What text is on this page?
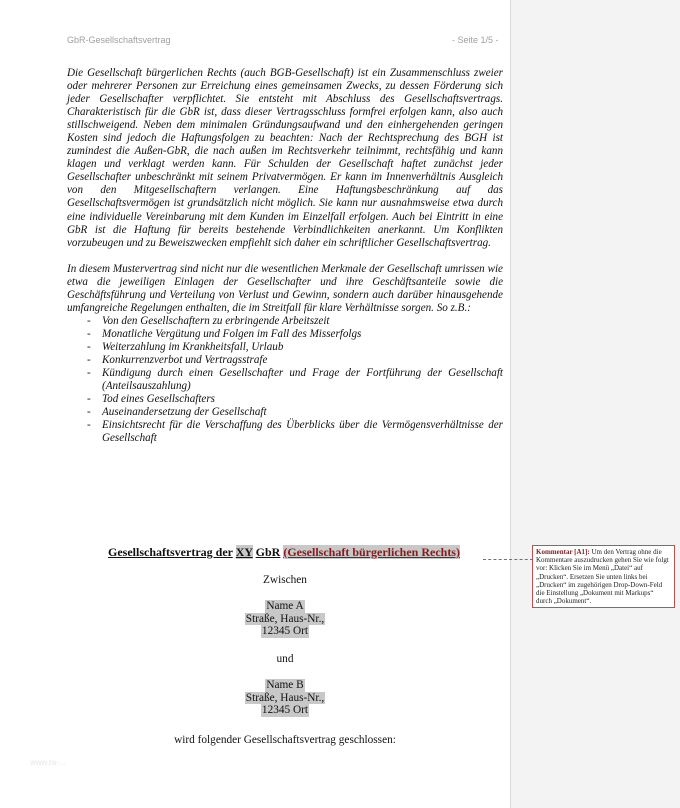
GbR-Gesellschaftsvertrag	- Seite 1/5 -

Die Gesellschaft bürgerlichen Rechts (auch BGB-Gesellschaft) ist ein Zusammenschluss zweier oder mehrerer Personen zur Erreichung eines gemeinsamen Zwecks, zu dessen Förderung sich jeder Gesellschafter verpflichtet. Sie entsteht mit Abschluss des Gesellschaftsvertrags. Charakteristisch für die GbR ist, dass dieser Vertragsschluss formfrei erfolgen kann, also auch stillschweigend. Neben dem minimalen Gründungsaufwand und den einhergehenden geringen Kosten sind jedoch die Haftungsfolgen zu beachten: Nach der Rechtsprechung des BGH ist zumindest die Außen-GbR, die nach außen im Rechtsverkehr teilnimmt, rechtsfähig und kann klagen und verklagt werden kann. Für Schulden der Gesellschaft haftet zunächst jeder Gesellschafter unbeschränkt mit seinem Privatvermögen. Er kann im Innenverhältnis Ausgleich von den Mitgesellschaftern verlangen. Eine Haftungsbeschränkung auf das Gesellschaftsvermögen ist grundsätzlich nicht möglich. Sie kann nur ausnahmsweise etwa durch eine individuelle Vereinbarung mit dem Kunden im Einzelfall erfolgen. Auch bei Eintritt in eine GbR ist die Haftung für bereits bestehende Verbindlichkeiten anerkannt. Um Konflikten vorzubeugen und zu Beweiszwecken empfiehlt sich daher ein schriftlicher Gesellschaftsvertrag.

In diesem Mustervertrag sind nicht nur die wesentlichen Merkmale der Gesellschaft umrissen wie etwa die jeweiligen Einlagen der Gesellschafter und ihre Geschäftsanteile sowie die Geschäftsführung und Verteilung von Verlust und Gewinn, sondern auch darüber hinausgehende umfangreiche Regelungen enthalten, die im Streitfall für klare Verhältnisse sorgen. So z.B.:

- Von den Gesellschaftern zu erbringende Arbeitszeit
- Monatliche Vergütung und Folgen im Fall des Misserfolgs
- Weiterzahlung im Krankheitsfall, Urlaub
- Konkurrenzverbot und Vertragsstrafe
- Kündigung durch einen Gesellschafter und Frage der Fortführung der Gesellschaft (Anteilsauszahlung)
- Tod eines Gesellschafters
- Auseinandersetzung der Gesellschaft
- Einsichtsrecht für die Verschaffung des Überblicks über die Vermögensverhältnisse der Gesellschaft
www.ra-...
Gesellschaftsvertrag der XY GbR (Gesellschaft bürgerlichen Rechts)
Zwischen
Name A
Straße, Haus-Nr.,
12345 Ort
und
Name B
Straße, Haus-Nr.,
12345 Ort
wird folgender Gesellschaftsvertrag geschlossen:
Kommentar [A1]: Um den Vertrag ohne die Kommentare auszudrucken gehen Sie wie folgt vor: Klicken Sie im Menü „Datei“ auf „Drucken“. Ersetzen Sie unten links bei „Drucken“ im zugehörigen Drop-Down-Feld die Einstellung „Dokument mit Markups“ durch „Dokument“.
